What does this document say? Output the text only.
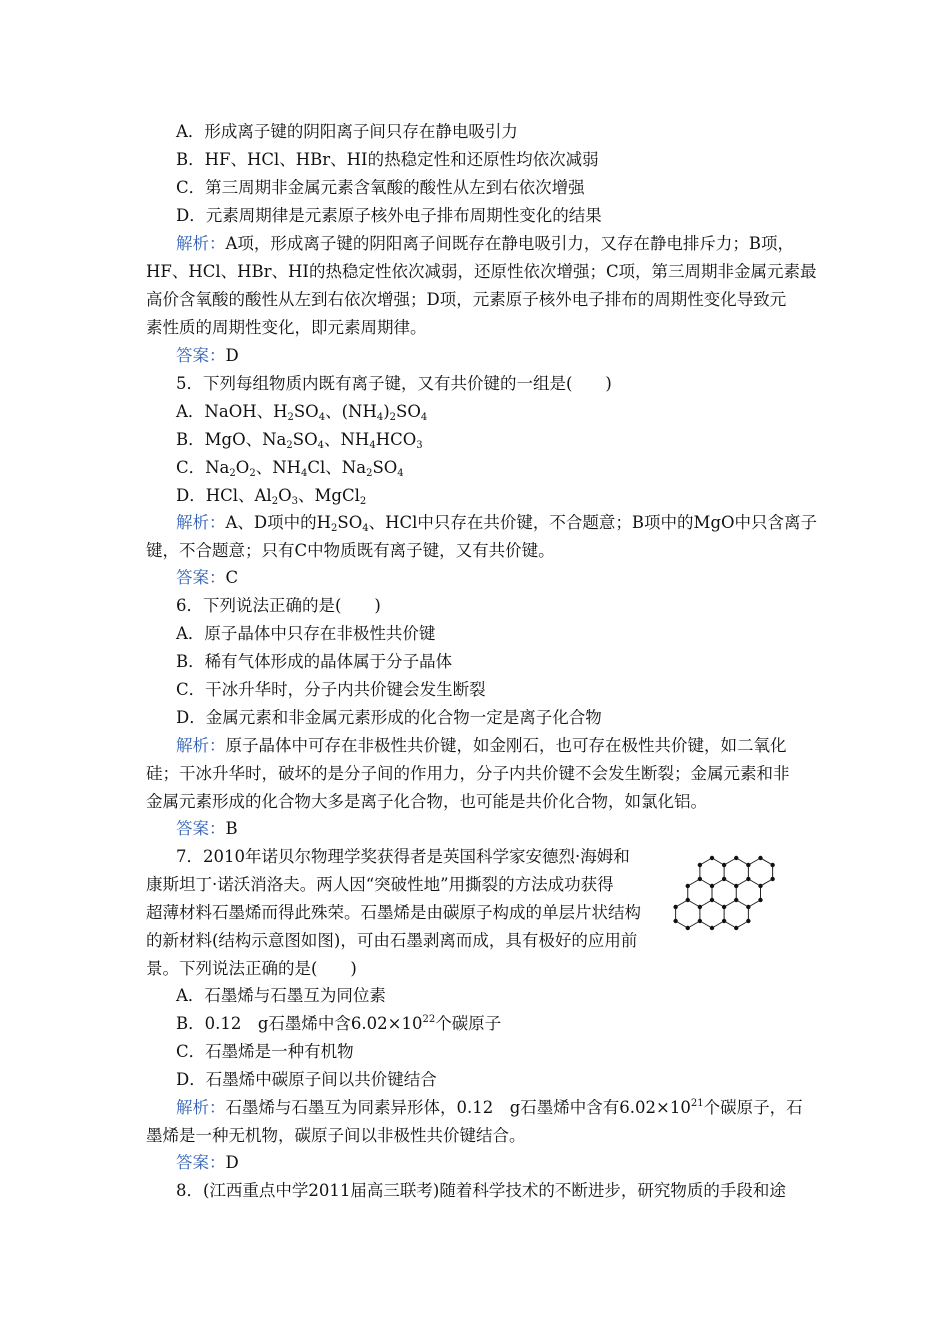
A．形成离子键的阴阳离子间只存在静电吸引力
B．HF、HCl、HBr、HI的热稳定性和还原性均依次减弱
C．第三周期非金属元素含氧酸的酸性从左到右依次增强
D．元素周期律是元素原子核外电子排布周期性变化的结果
解析：A项，形成离子键的阴阳离子间既存在静电吸引力，又存在静电排斥力；B项，
HF、HCl、HBr、HI的热稳定性依次减弱，还原性依次增强；C项，第三周期非金属元素最
高价含氧酸的酸性从左到右依次增强；D项，元素原子核外电子排布的周期性变化导致元
素性质的周期性变化，即元素周期律。
答案：D
5．下列每组物质内既有离子键，又有共价键的一组是(　　)
A．NaOH、$H_2SO_4$、$(NH_4)_2SO_4$
B．MgO、$Na_2SO_4$、$NH_4HCO_3$
C．$Na_2O_2$、$NH_4Cl$、$Na_2SO_4$
D．HCl、$Al_2O_3$、MgCl$_2$
解析：A、D项中的$H_2SO_4$、HCl中只存在共价键，不合题意；B项中的MgO中只含离子
键，不合题意；只有C中物质既有离子键，又有共价键。
答案：C
6．下列说法正确的是(　　)
A．原子晶体中只存在非极性共价键
B．稀有气体形成的晶体属于分子晶体
C．干冰升华时，分子内共价键会发生断裂
D．金属元素和非金属元素形成的化合物一定是离子化合物
解析：原子晶体中可存在非极性共价键，如金刚石，也可存在极性共价键，如二氧化
硅；干冰升华时，破坏的是分子间的作用力，分子内共价键不会发生断裂；金属元素和非
金属元素形成的化合物大多是离子化合物，也可能是共价化合物，如氯化铝。
答案：B
7．2010年诺贝尔物理学奖获得者是英国科学家安德烈·海姆和
康斯坦丁·诺沃消洛夫。两人因“突破性地”用撕裂的方法成功获得
超薄材料石墨烯而得此殊荣。石墨烯是由碳原子构成的单层片状结构
的新材料(结构示意图如图)，可由石墨剥离而成，具有极好的应用前
景。下列说法正确的是(　　)
A．石墨烯与石墨互为同位素
B．0.12　g石墨烯中含$6.02\times 10^{22}$个碳原子
C．石墨烯是一种有机物
D．石墨烯中碳原子间以共价键结合
解析：石墨烯与石墨互为同素异形体，0.12　g石墨烯中含有$6.02\times 10^{21}$个碳原子，石
墨烯是一种无机物，碳原子间以非极性共价键结合。
答案：D
8．(江西重点中学2011届高三联考)随着科学技术的不断进步，研究物质的手段和途
